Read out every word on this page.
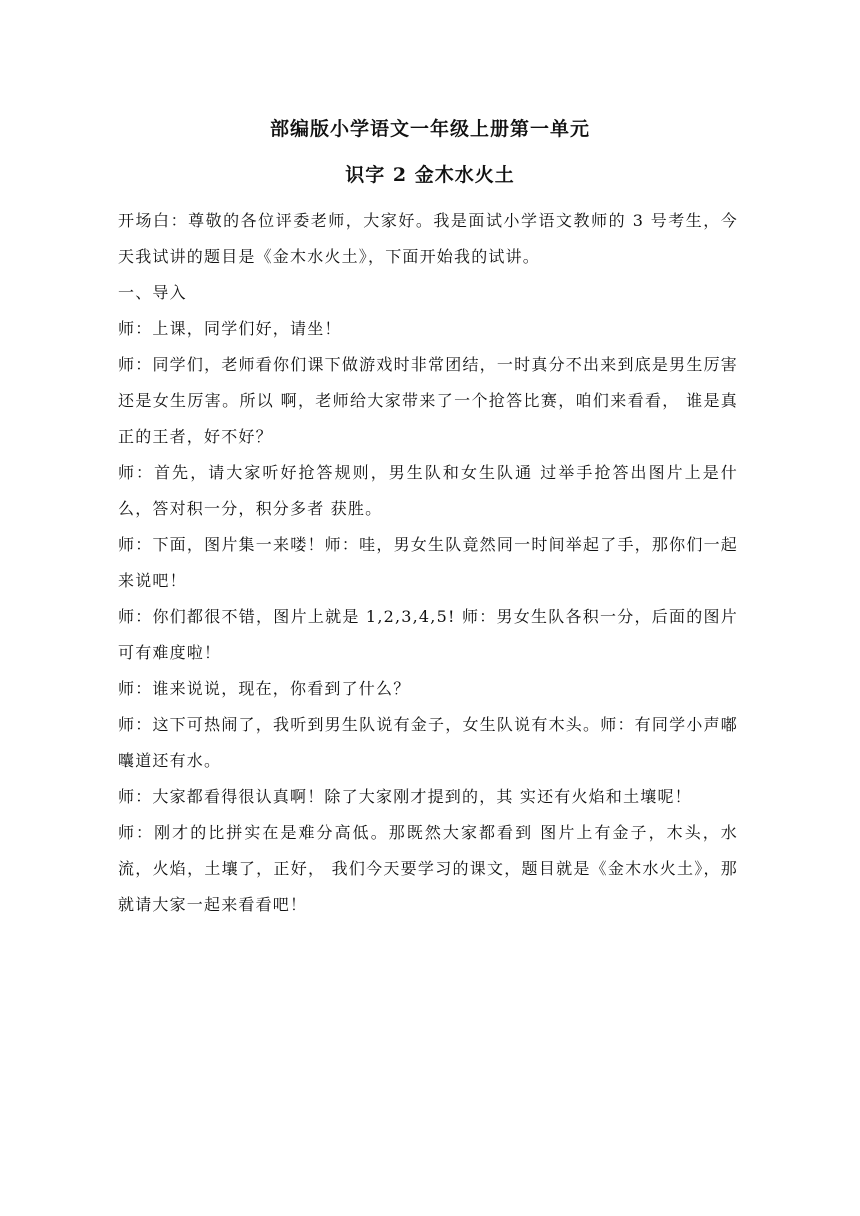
部编版小学语文一年级上册第一单元
识字 2 金木水火土

开场白：尊敬的各位评委老师，大家好。我是面试小学语文教师的 3 号考生，今天我试讲的题目是《金木水火土》，下面开始我的试讲。

一、导入

师：上课，同学们好，请坐！

师：同学们，老师看你们课下做游戏时非常团结，一时真分不出来到底是男生厉害还是女生厉害。所以 啊，老师给大家带来了一个抢答比赛，咱们来看看， 谁是真正的王者，好不好？

师：首先，请大家听好抢答规则，男生队和女生队通 过举手抢答出图片上是什么，答对积一分，积分多者 获胜。

师：下面，图片集一来喽！师：哇，男女生队竟然同一时间举起了手，那你们一起来说吧！

师：你们都很不错，图片上就是 1,2,3,4,5! 师：男女生队各积一分，后面的图片可有难度啦！

师：谁来说说，现在，你看到了什么？

师：这下可热闹了，我听到男生队说有金子，女生队说有木头。师：有同学小声嘟囔道还有水。

师：大家都看得很认真啊！除了大家刚才提到的，其 实还有火焰和土壤呢！

师：刚才的比拼实在是难分高低。那既然大家都看到 图片上有金子，木头，水流，火焰，土壤了，正好， 我们今天要学习的课文，题目就是《金木水火土》，那就请大家一起来看看吧！
